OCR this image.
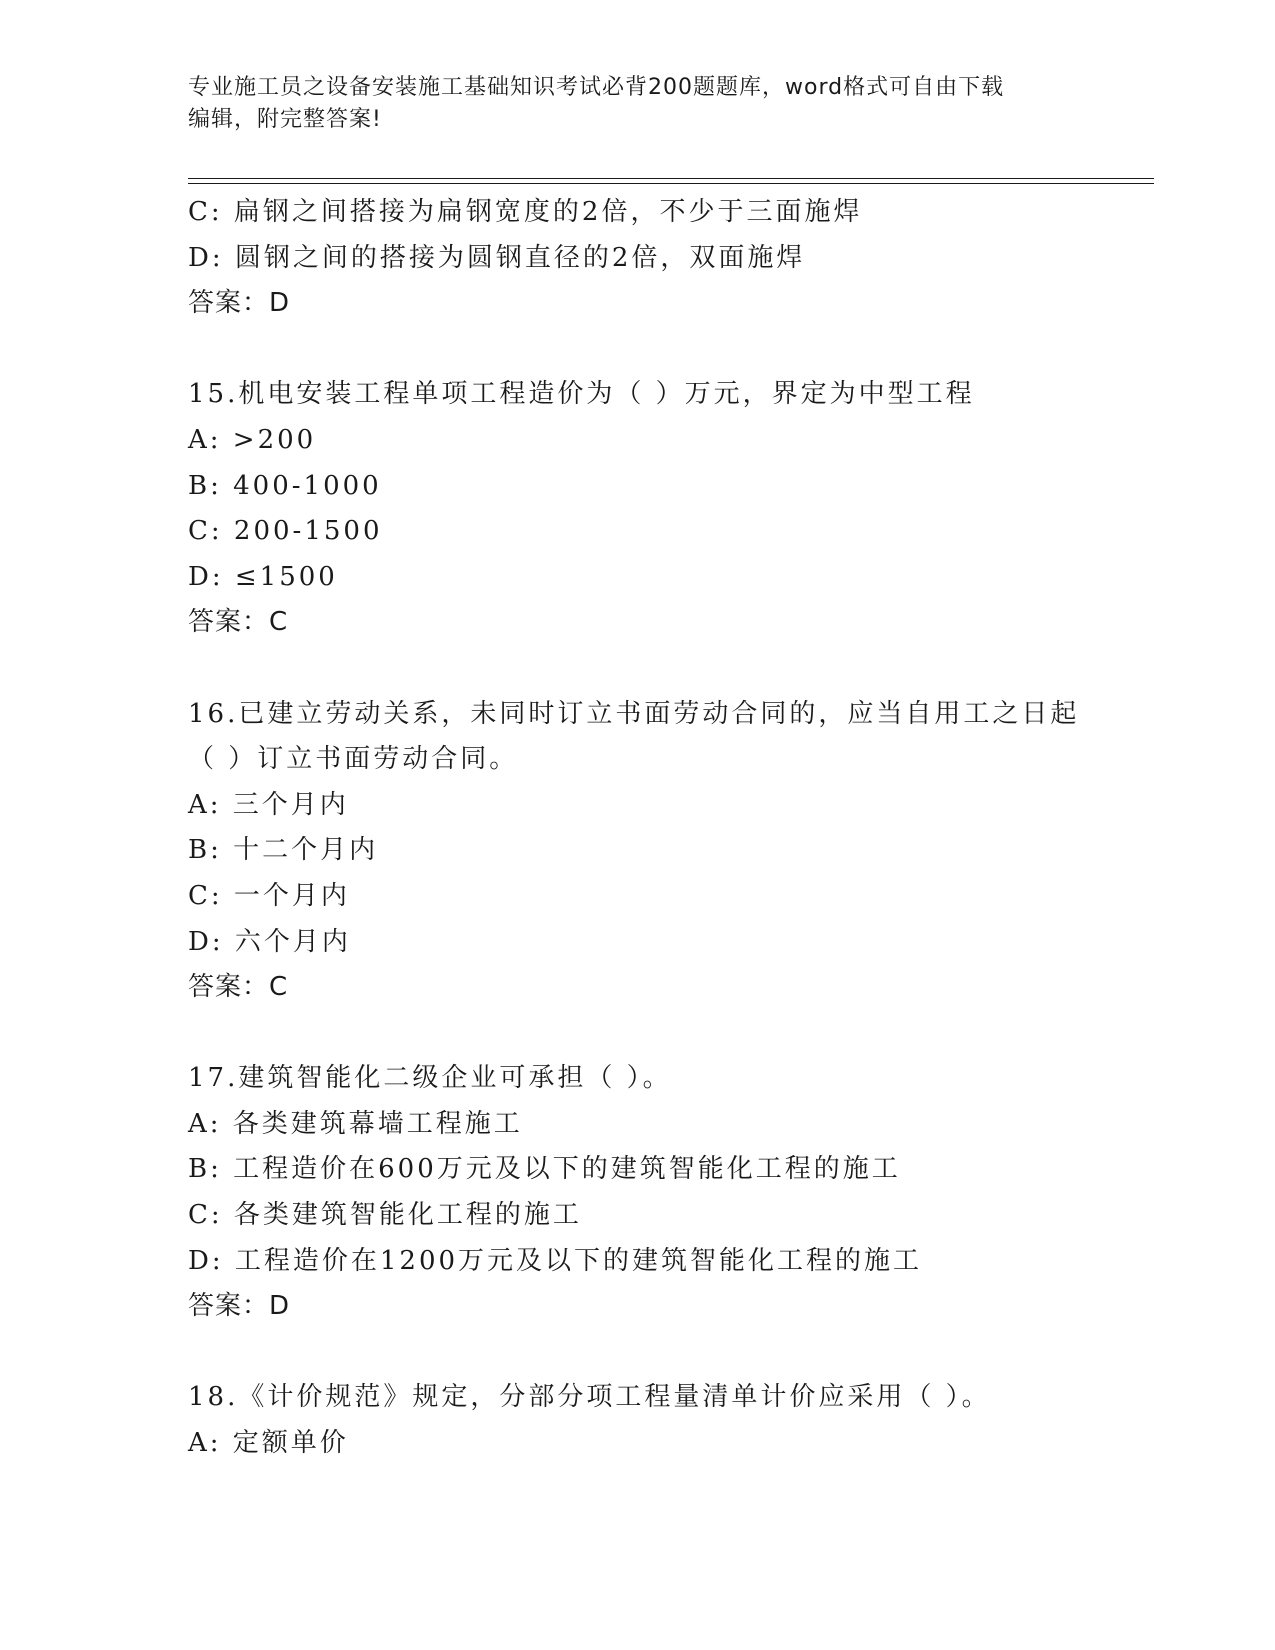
专业施工员之设备安装施工基础知识考试必背200题题库，word格式可自由下载
编辑，附完整答案!
C: 扁钢之间搭接为扁钢宽度的2倍，不少于三面施焊
D: 圆钢之间的搭接为圆钢直径的2倍，双面施焊
答案：D
15.机电安装工程单项工程造价为（ ）万元，界定为中型工程
A: >200
B: 400-1000
C: 200-1500
D: ≤1500
答案：C
16.已建立劳动关系，未同时订立书面劳动合同的，应当自用工之日起
（ ）订立书面劳动合同。
A: 三个月内
B: 十二个月内
C: 一个月内
D: 六个月内
答案：C
17.建筑智能化二级企业可承担（ ）。
A: 各类建筑幕墙工程施工
B: 工程造价在600万元及以下的建筑智能化工程的施工
C: 各类建筑智能化工程的施工
D: 工程造价在1200万元及以下的建筑智能化工程的施工
答案：D
18.《计价规范》规定，分部分项工程量清单计价应采用（ ）。
A: 定额单价
